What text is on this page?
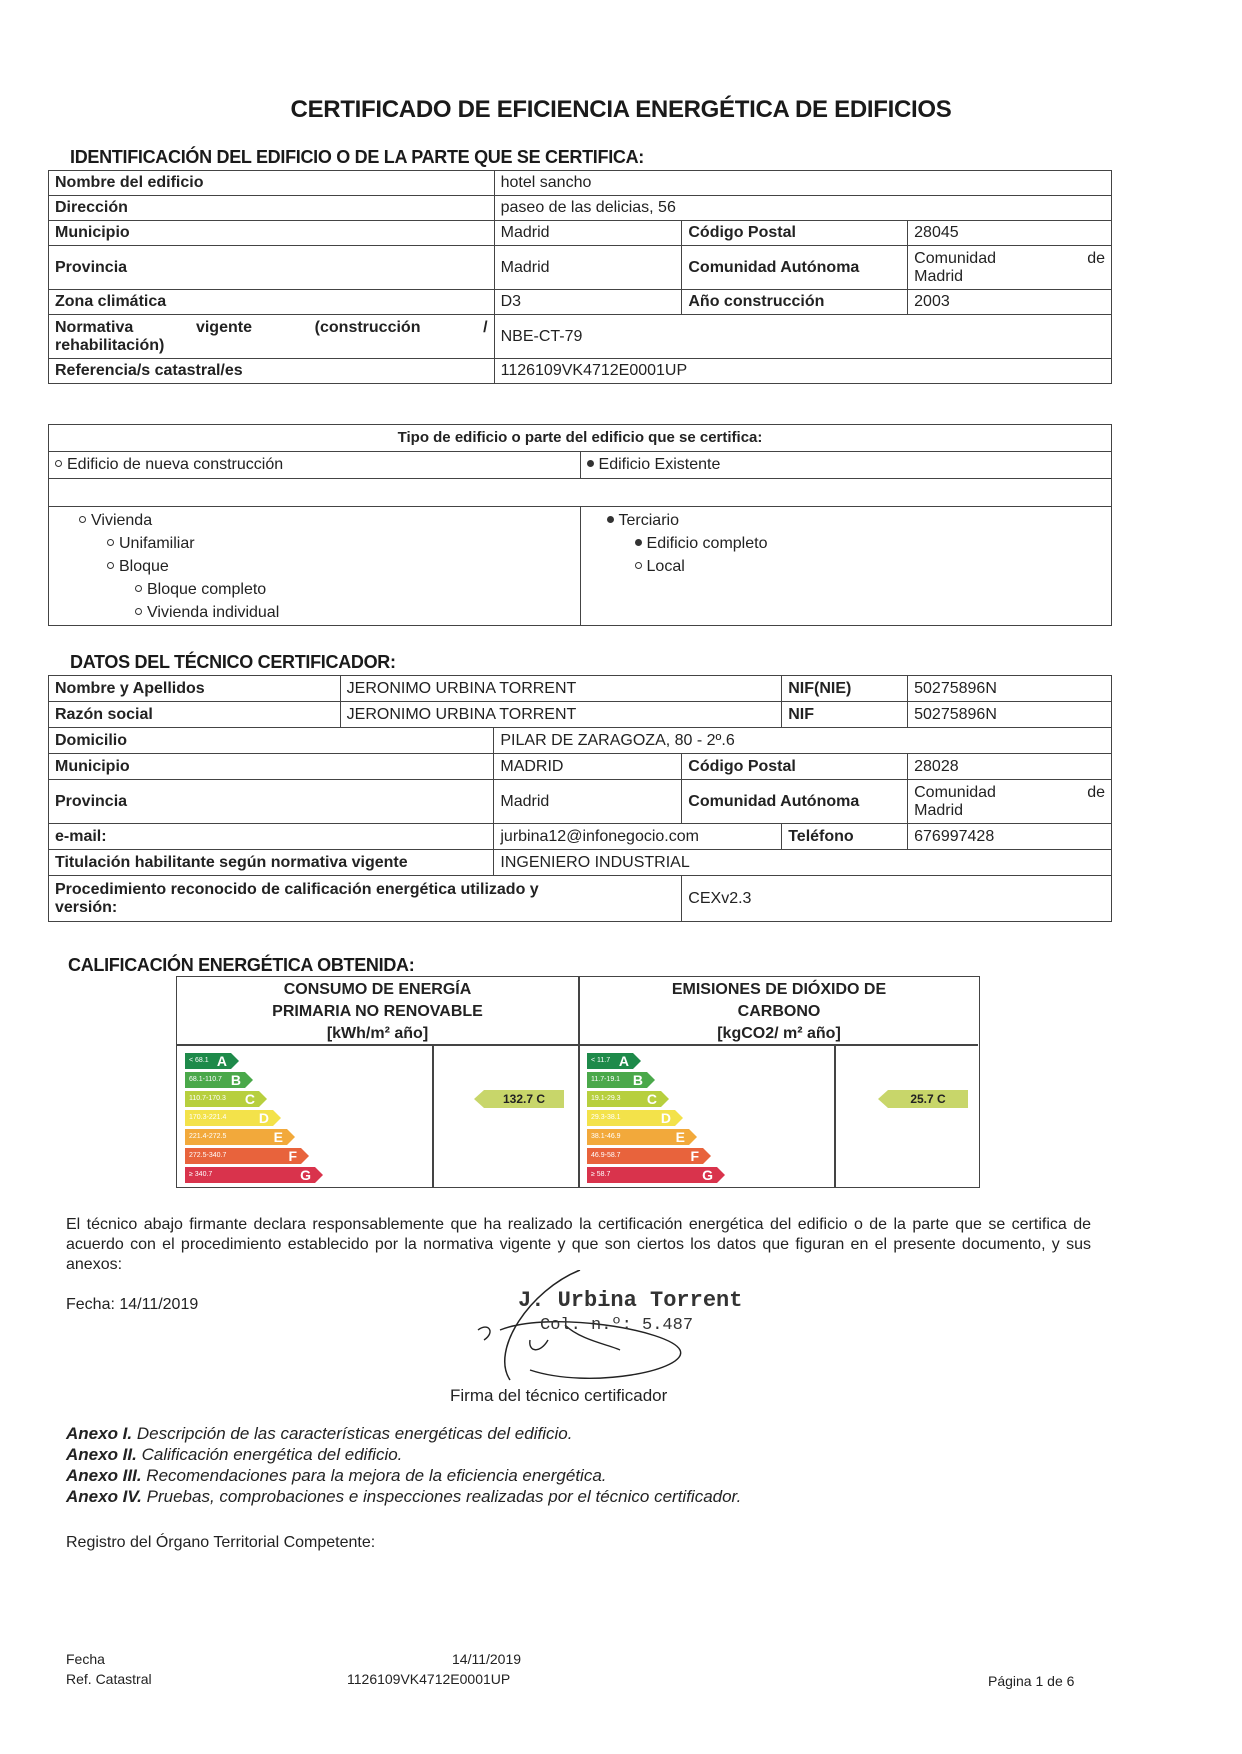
CERTIFICADO DE EFICIENCIA ENERGÉTICA DE EDIFICIOS
IDENTIFICACIÓN DEL EDIFICIO O DE LA PARTE QUE SE CERTIFICA:
Nombre del edificio	hotel sancho		
Dirección	paseo de las delicias, 56		
Municipio	Madrid	Código Postal	28045
Provincia	Madrid	Comunidad Autónoma	Comunidad de
Madrid

Zona climática	D3	Año construcción	2003

Normativa vigente (construcción /
rehabilitación)	NBE-CT-79		
Referencia/s catastral/es	1126109VK4712E0001UP		
Tipo de edificio o parte del edificio que se certifica:	
Edificio de nueva construcción	Edificio Existente

Vivienda
Unifamiliar
Bloque
Bloque completo
Vivienda individual

Terciario
Edificio completo
Local
DATOS DEL TÉCNICO CERTIFICADOR:
Nombre y Apellidos	JERONIMO URBINA TORRENT			NIF(NIE)	50275896N
Razón social	JERONIMO URBINA TORRENT			NIF	50275896N
Domicilio		PILAR DE ZARAGOZA, 80 - 2º.6			
Municipio		MADRID	Código Postal		28028
Provincia		Madrid	Comunidad Autónoma		Comunidad de
Madrid

e-mail:		jurbina12@infonegocio.com		Teléfono	676997428
Titulación habilitante según normativa vigente		INGENIERO INDUSTRIAL			

Procedimiento reconocido de calificación energética utilizado y
versión:			CEXv2.3		
CALIFICACIÓN ENERGÉTICA OBTENIDA:
CONSUMO DE ENERGÍA
PRIMARIA NO RENOVABLE
[kWh/m² año]
EMISIONES DE DIÓXIDO DE
CARBONO
[kgCO2/ m² año]
< 68.1 A
68.1-110.7 B
110.7-170.3 C
170.3-221.4 D
221.4-272.5	E
272.5-340.7	F
≥ 340.7	G
132.7 C
< 11.7 A
11.7-19.1 B
19.1-29.3 C
29.3-38.1	D
38.1-46.9	E
46.9-58.7	F
≥ 58.7	G
25.7 C
El técnico abajo firmante declara responsablemente que ha realizado la certificación energética del edificio o de la parte que se certifica de acuerdo con el procedimiento establecido por la normativa vigente y que son ciertos los datos que figuran en el presente documento, y sus anexos:
Fecha: 14/11/2019	J. Urbina Torrent
Col. n.º: 5.487
Firma del técnico certificador
Anexo I. Descripción de las características energéticas del edificio.
Anexo II. Calificación energética del edificio.
Anexo III. Recomendaciones para la mejora de la eficiencia energética.
Anexo IV. Pruebas, comprobaciones e inspecciones realizadas por el técnico certificador.
Registro del Órgano Territorial Competente:
Fecha
Ref. Catastral
14/11/2019
1126109VK4712E0001UP	Página 1 de 6
